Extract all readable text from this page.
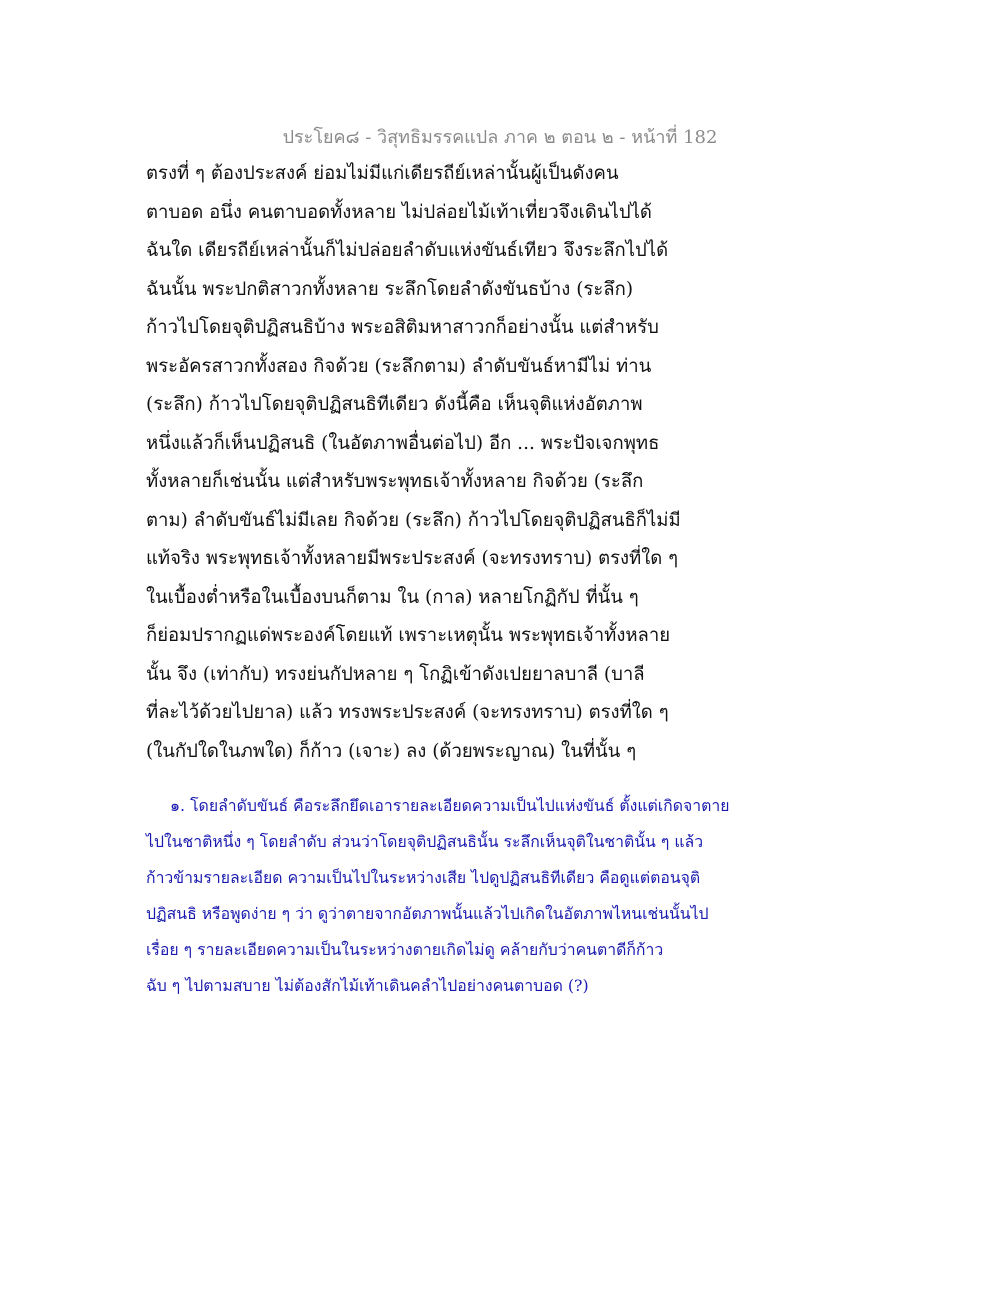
ประโยค๘ - วิสุทธิมรรคแปล ภาค ๒ ตอน ๒ - หน้าที่ 182
ตรงที่ ๆ ต้องประสงค์ ย่อมไม่มีแก่เดียรถีย์เหล่านั้นผู้เป็นดังคน
ตาบอด อนึ่ง คนตาบอดทั้งหลาย ไม่ปล่อยไม้เท้าเที่ยวจึงเดินไปได้
ฉันใด เดียรถีย์เหล่านั้นก็ไม่ปล่อยลำดับแห่งขันธ์เทียว จึงระลึกไปได้
ฉันนั้น พระปกติสาวกทั้งหลาย ระลึกโดยลำดังขันธบ้าง (ระลึก)
ก้าวไปโดยจุติปฏิสนธิบ้าง พระอสิติมหาสาวกก็อย่างนั้น แต่สำหรับ
พระอัครสาวกทั้งสอง กิจด้วย (ระลึกตาม) ลำดับขันธ์หามีไม่ ท่าน
(ระลึก) ก้าวไปโดยจุติปฏิสนธิทีเดียว ดังนี้คือ เห็นจุติแห่งอัตภาพ
หนึ่งแล้วก็เห็นปฏิสนธิ (ในอัตภาพอื่นต่อไป) อีก ... พระปัจเจกพุทธ
ทั้งหลายก็เช่นนั้น แต่สำหรับพระพุทธเจ้าทั้งหลาย กิจด้วย (ระลึก
ตาม) ลำดับขันธ์ไม่มีเลย กิจด้วย (ระลึก) ก้าวไปโดยจุติปฏิสนธิก็ไม่มี
แท้จริง พระพุทธเจ้าทั้งหลายมีพระประสงค์ (จะทรงทราบ) ตรงที่ใด ๆ
ในเบื้องต่ำหรือในเบื้องบนก็ตาม ใน (กาล) หลายโกฏิกัป ที่นั้น ๆ
ก็ย่อมปรากฏแด่พระองค์โดยแท้ เพราะเหตุนั้น พระพุทธเจ้าทั้งหลาย
นั้น จึง (เท่ากับ) ทรงย่นกัปหลาย ๆ โกฏิเข้าดังเปยยาลบาลี (บาลี
ที่ละไว้ด้วยไปยาล) แล้ว ทรงพระประสงค์ (จะทรงทราบ) ตรงที่ใด ๆ
(ในกัปใดในภพใด) ก็ก้าว (เจาะ) ลง (ด้วยพระญาณ) ในที่นั้น ๆ
๑. โดยลำดับขันธ์ คือระลึกยึดเอารายละเอียดความเป็นไปแห่งขันธ์ ตั้งแต่เกิดจาตาย
ไปในชาติหนึ่ง ๆ โดยลำดับ ส่วนว่าโดยจุติปฏิสนธินั้น ระลึกเห็นจุติในชาตินั้น ๆ แล้ว
ก้าวข้ามรายละเอียด ความเป็นไปในระหว่างเสีย ไปดูปฏิสนธิทีเดียว คือดูแต่ตอนจุติ
ปฏิสนธิ หรือพูดง่าย ๆ ว่า ดูว่าตายจากอัตภาพนั้นแล้วไปเกิดในอัตภาพไหนเช่นนั้นไป
เรื่อย ๆ รายละเอียดความเป็นในระหว่างตายเกิดไม่ดู คล้ายกับว่าคนตาดีก็ก้าว
ฉับ ๆ ไปตามสบาย ไม่ต้องสักไม้เท้าเดินคลำไปอย่างคนตาบอด (?)
